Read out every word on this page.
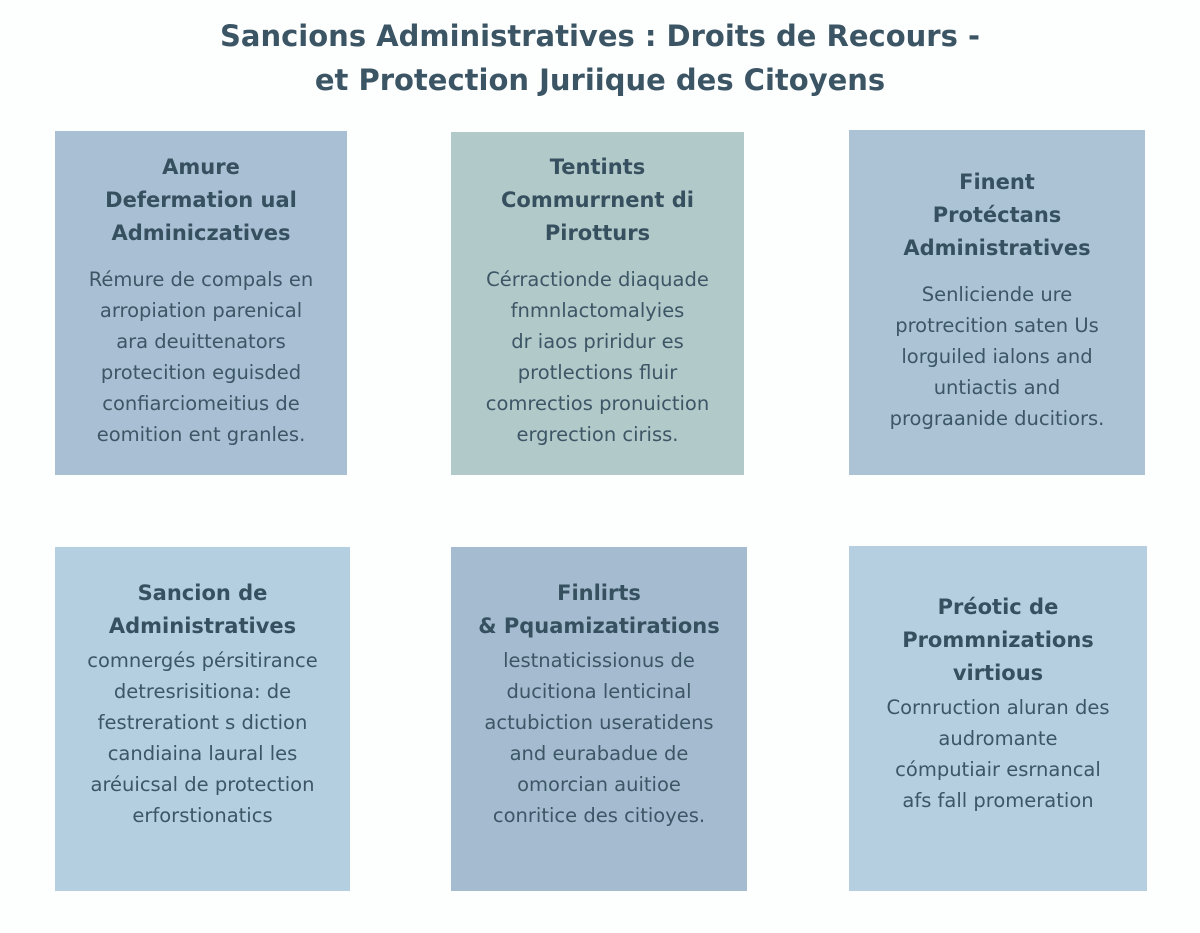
Sancions Administratives : Droits de Recours -
et Protection Juriique des Citoyens
Amure
Defermation ual
Adminiczatives
Rémure de compals en
arropiation parenical
ara deuittenators
protecition eguisded
confiarciomeitius de
eomition ent granles.
Tentints
Commurrnent di
Pirotturs
Cérractionde diaquade
fnmnlactomalyies
dr iaos priridur es
protlections fluir
comrectios pronuiction
ergrection ciriss.
Finent
Protéctans
Administratives
Senliciende ure
protrecition saten Us
lorguiled ialons and
untiactis and
prograanide ducitiors.
Sancion de
Administratives
comnergés pérsitirance
detresrisitiona: de
festrerationt s diction
candiaina laural les
aréuicsal de protection
erforstionatics
Finlirts
& Pquamizatirations
lestnaticissionus de
ducitiona lenticinal
actubiction useratidens
and eurabadue de
omorcian auitioe
conritice des citioyes.
Préotic de
Prommnizations
virtious
Cornruction aluran des
audromante
cómputiair esrnancal
afs fall promeration
